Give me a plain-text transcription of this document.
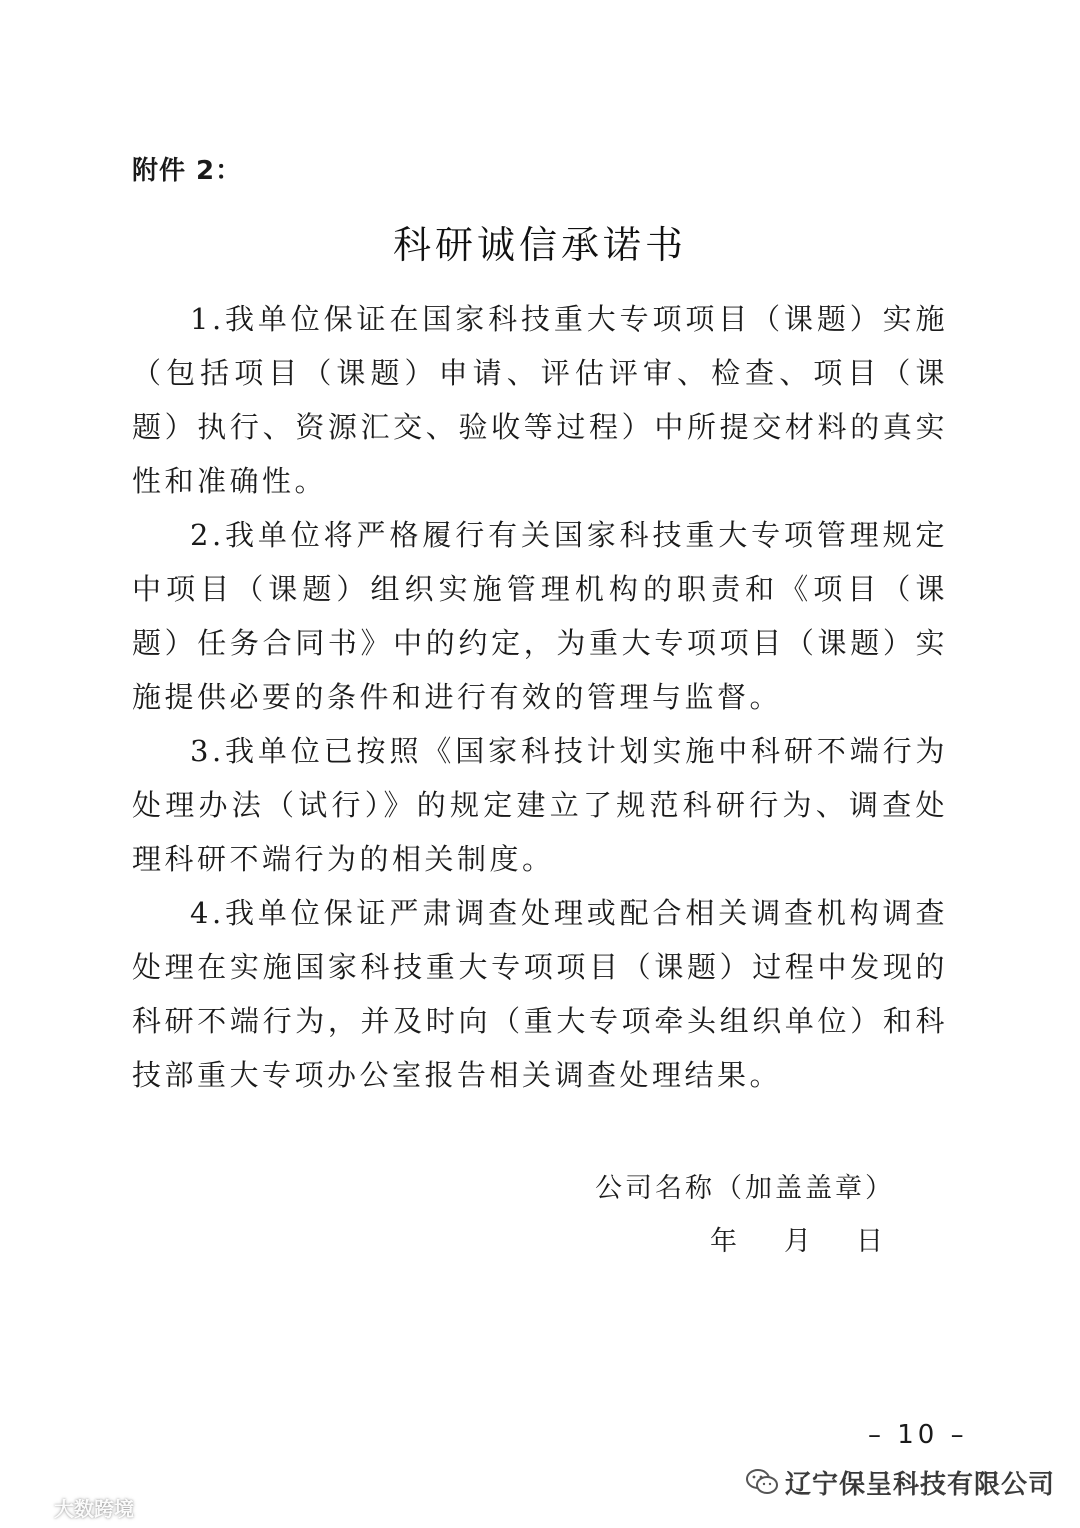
附件 2：
科研诚信承诺书

1.我单位保证在国家科技重大专项项目（课题）实施（包括项目（课题）申请、评估评审、检查、项目（课题）执行、资源汇交、验收等过程）中所提交材料的真实性和准确性。

2.我单位将严格履行有关国家科技重大专项管理规定中项目（课题）组织实施管理机构的职责和《项目（课题）任务合同书》中的约定，为重大专项项目（课题）实施提供必要的条件和进行有效的管理与监督。

3.我单位已按照《国家科技计划实施中科研不端行为处理办法（试行）》的规定建立了规范科研行为、调查处理科研不端行为的相关制度。

4.我单位保证严肃调查处理或配合相关调查机构调查处理在实施国家科技重大专项项目（课题）过程中发现的科研不端行为，并及时向（重大专项牵头组织单位）和科技部重大专项办公室报告相关调查处理结果。

公司名称（加盖盖章）
年	月	日
– 10 –
辽宁保呈科技有限公司
大数跨境
